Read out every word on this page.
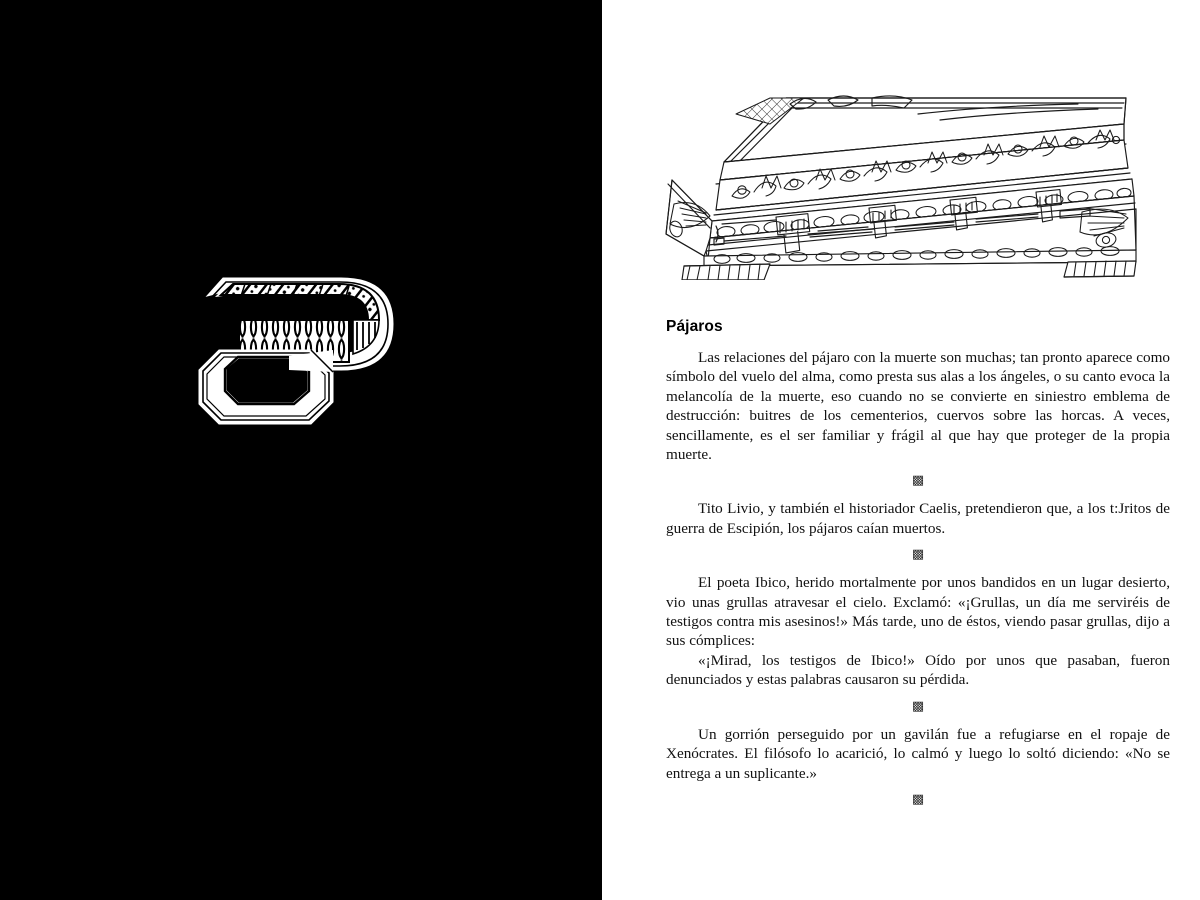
Pájaros

Las relaciones del pájaro con la muerte son muchas; tan pronto aparece como símbolo del vuelo del alma, como presta sus alas a los ángeles, o su canto evoca la melancolía de la muerte, eso cuando no se convierte en siniestro emblema de destrucción: buitres de los cementerios, cuervos sobre las horcas. A veces, sencillamente, es el ser familiar y frágil al que hay que proteger de la propia muerte.

▩

Tito Livio, y también el historiador Caelis, pretendieron que, a los t:Jritos de guerra de Escipión, los pájaros caían muertos.

▩

El poeta Ibico, herido mortalmente por unos bandidos en un lugar desierto, vio unas grullas atravesar el cielo. Exclamó: «¡Grullas, un día me serviréis de testigos contra mis asesinos!» Más tarde, uno de éstos, viendo pasar grullas, dijo a sus cómplices:

«¡Mirad, los testigos de Ibico!» Oído por unos que pasaban, fueron denunciados y estas palabras causaron su pérdida.

▩

Un gorrión perseguido por un gavilán fue a refugiarse en el ropaje de Xenócrates. El filósofo lo acarició, lo calmó y luego lo soltó diciendo: «No se entrega a un suplicante.»

▩
